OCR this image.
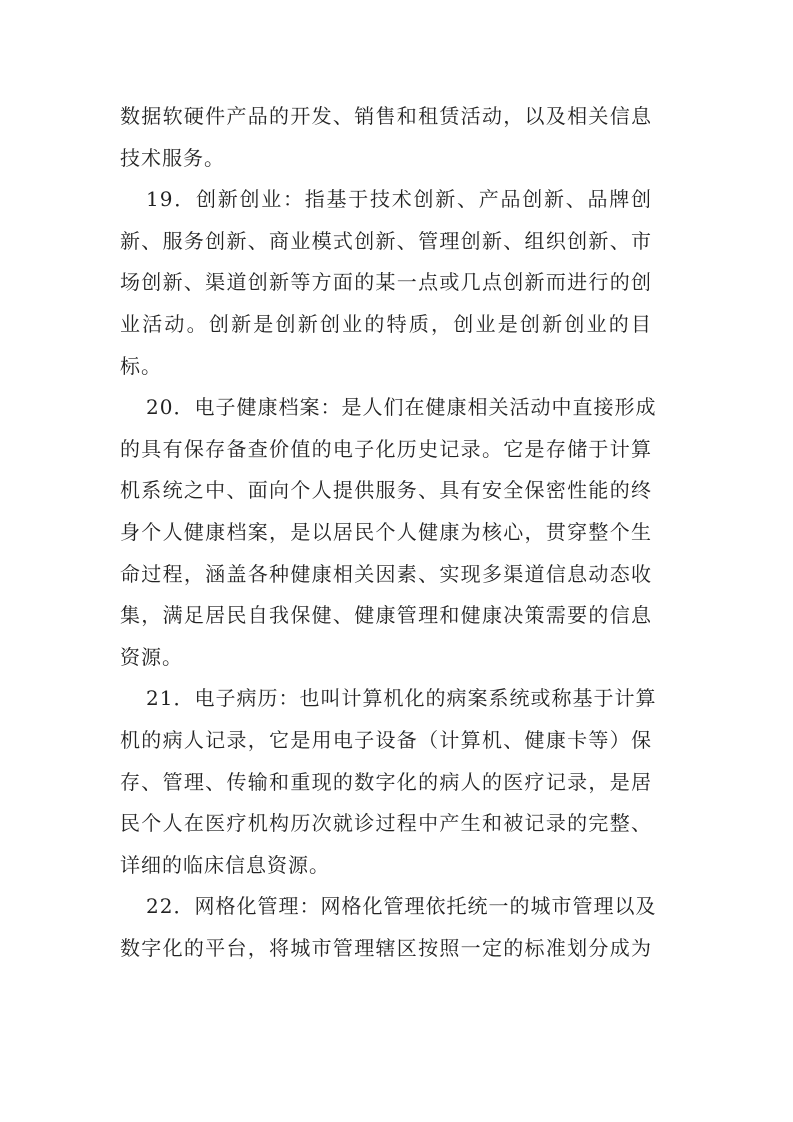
数据软硬件产品的开发、销售和租赁活动，以及相关信息
技术服务。
19．创新创业：指基于技术创新、产品创新、品牌创
新、服务创新、商业模式创新、管理创新、组织创新、市
场创新、渠道创新等方面的某一点或几点创新而进行的创
业活动。创新是创新创业的特质，创业是创新创业的目
标。
20．电子健康档案：是人们在健康相关活动中直接形成
的具有保存备查价值的电子化历史记录。它是存储于计算
机系统之中、面向个人提供服务、具有安全保密性能的终
身个人健康档案，是以居民个人健康为核心，贯穿整个生
命过程，涵盖各种健康相关因素、实现多渠道信息动态收
集，满足居民自我保健、健康管理和健康决策需要的信息
资源。
21．电子病历：也叫计算机化的病案系统或称基于计算
机的病人记录，它是用电子设备（计算机、健康卡等）保
存、管理、传输和重现的数字化的病人的医疗记录，是居
民个人在医疗机构历次就诊过程中产生和被记录的完整、
详细的临床信息资源。
22．网格化管理：网格化管理依托统一的城市管理以及
数字化的平台，将城市管理辖区按照一定的标准划分成为
